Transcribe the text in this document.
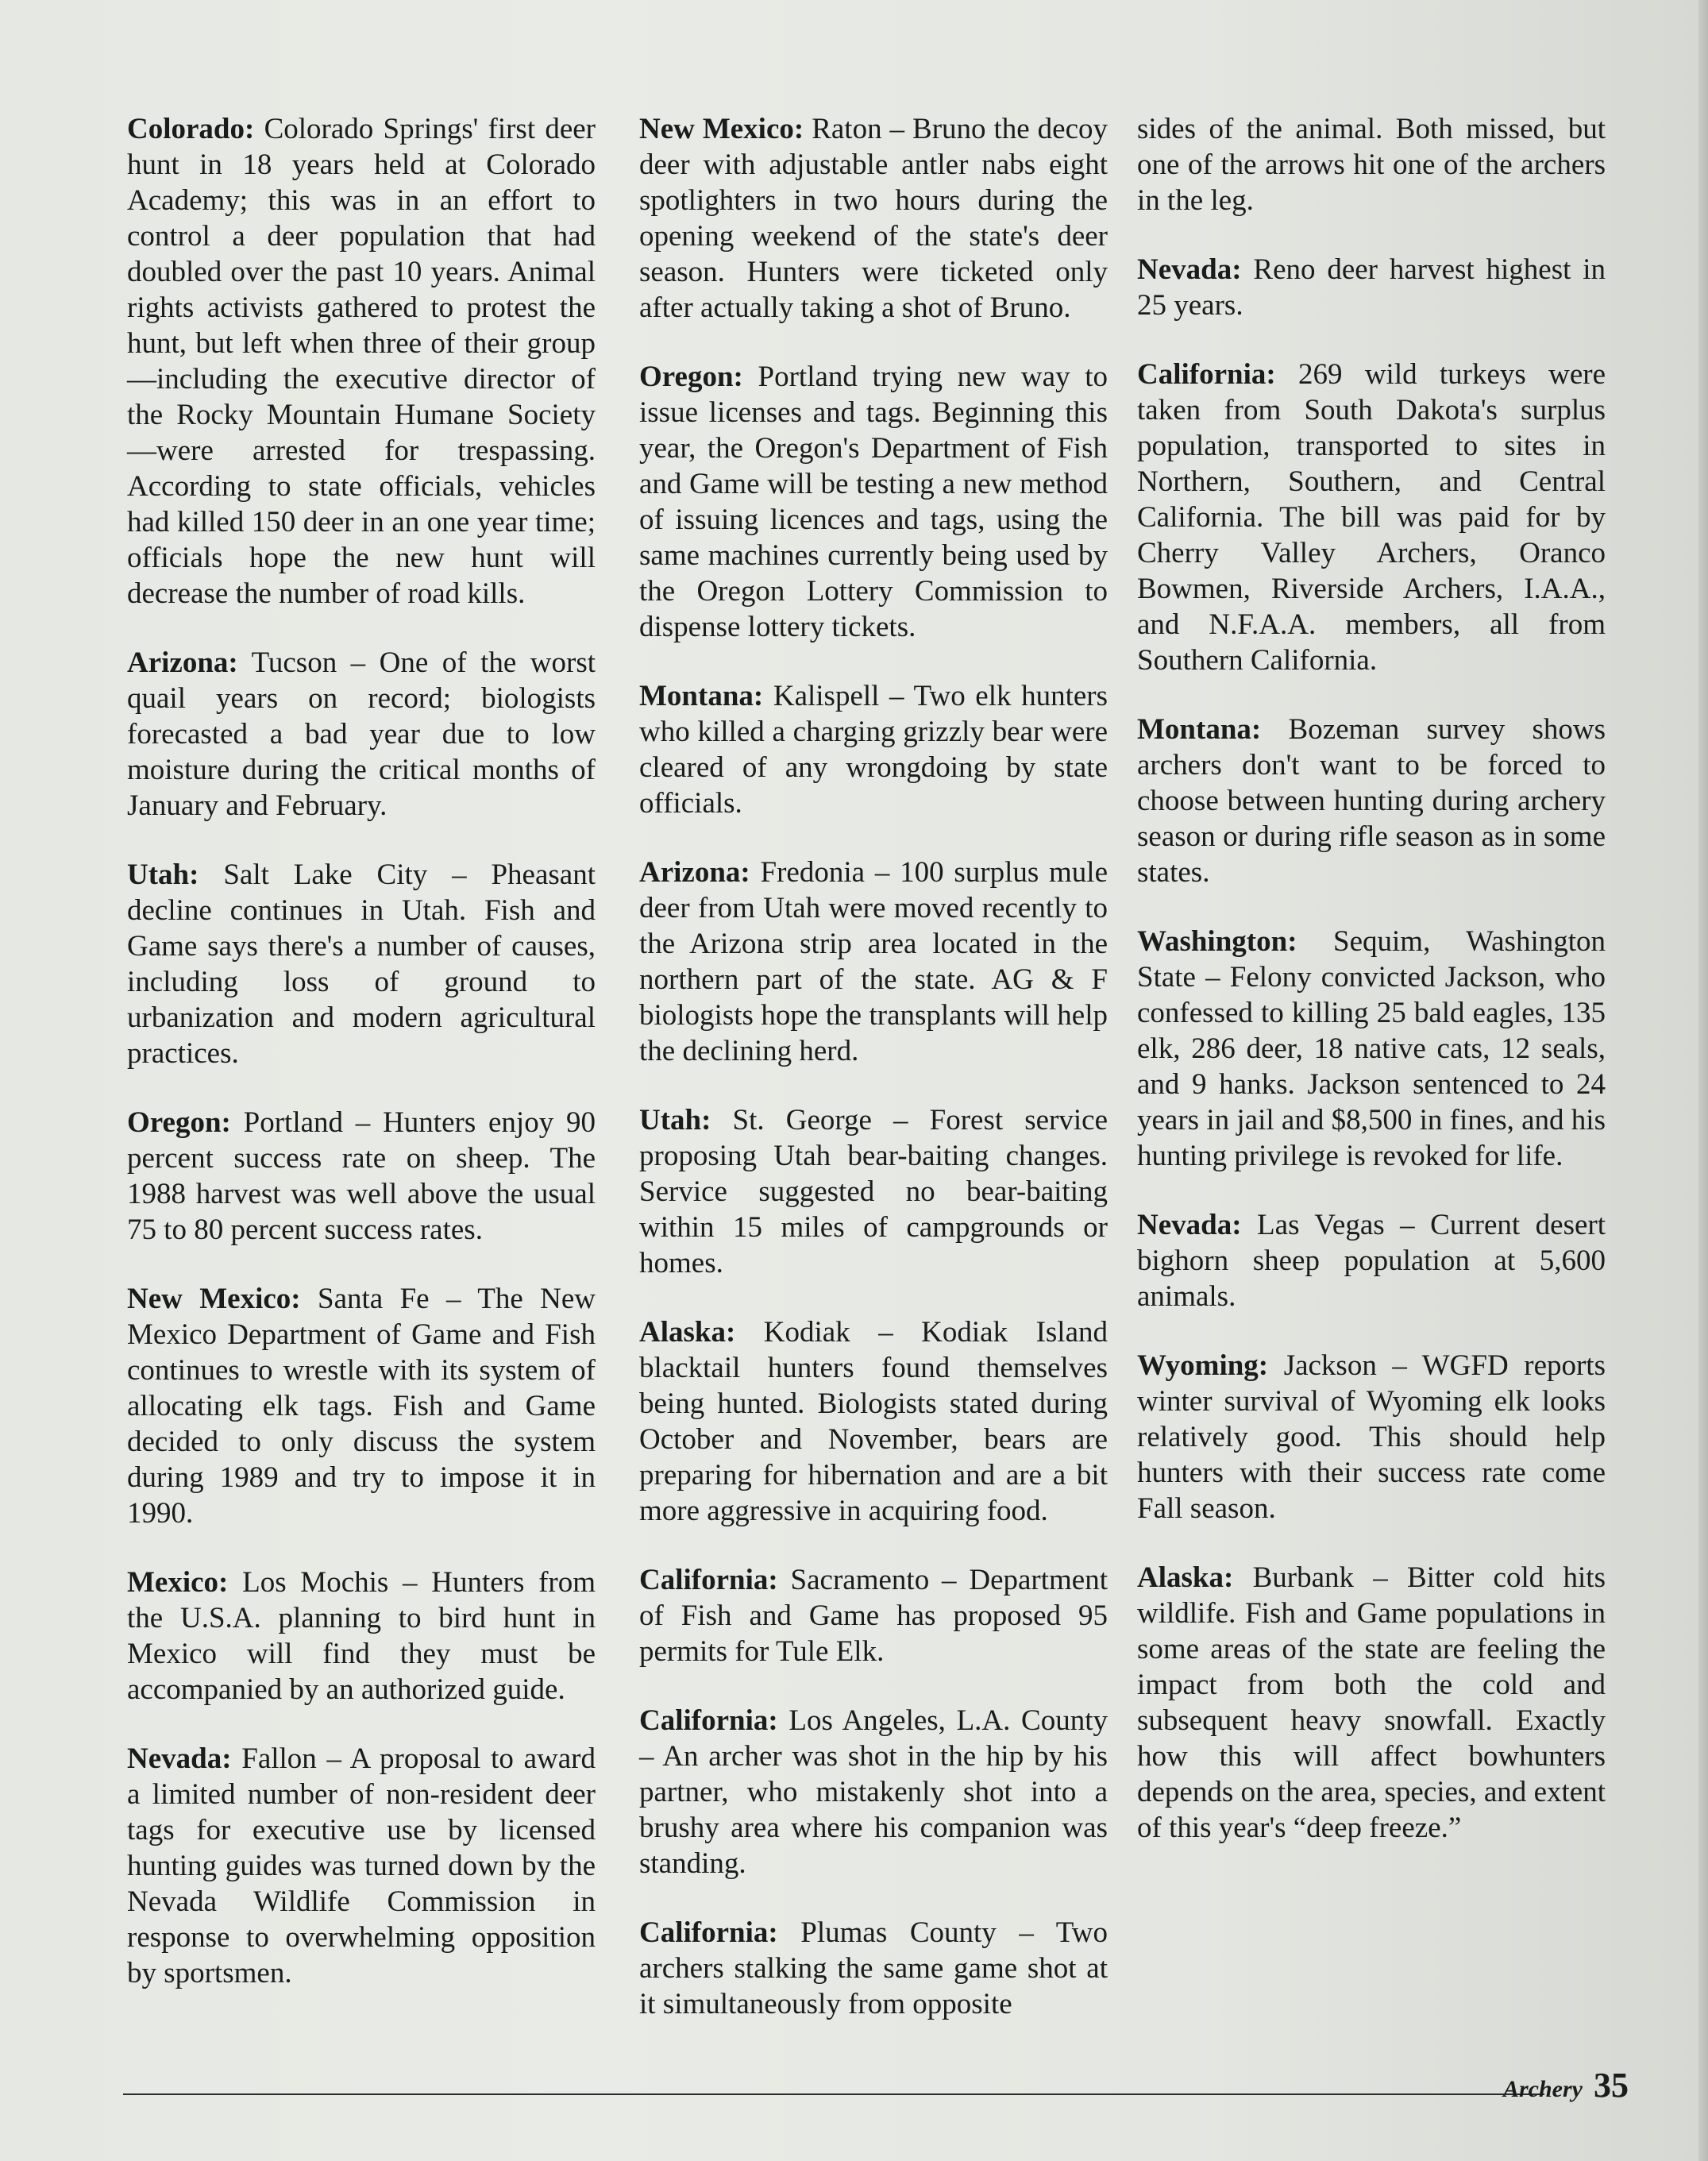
Colorado: Colorado Springs' first deer hunt in 18 years held at Colorado Academy; this was in an effort to control a deer population that had doubled over the past 10 years. Animal rights activists gathered to protest the hunt, but left when three of their group—including the executive director of the Rocky Mountain Humane Society—were arrested for trespassing. According to state officials, vehicles had killed 150 deer in an one year time; officials hope the new hunt will decrease the number of road kills.

Arizona: Tucson – One of the worst quail years on record; biologists forecasted a bad year due to low moisture during the critical months of January and February.

Utah: Salt Lake City – Pheasant decline continues in Utah. Fish and Game says there's a number of causes, including loss of ground to urbanization and modern agricultural practices.

Oregon: Portland – Hunters enjoy 90 percent success rate on sheep. The 1988 harvest was well above the usual 75 to 80 percent success rates.

New Mexico: Santa Fe – The New Mexico Department of Game and Fish continues to wrestle with its system of allocating elk tags. Fish and Game decided to only discuss the system during 1989 and try to impose it in 1990.

Mexico: Los Mochis – Hunters from the U.S.A. planning to bird hunt in Mexico will find they must be accompanied by an authorized guide.

Nevada: Fallon – A proposal to award a limited number of non-resident deer tags for executive use by licensed hunting guides was turned down by the Nevada Wildlife Commission in response to overwhelming opposition by sportsmen.

New Mexico: Raton – Bruno the decoy deer with adjustable antler nabs eight spotlighters in two hours during the opening weekend of the state's deer season. Hunters were ticketed only after actually taking a shot of Bruno.

Oregon: Portland trying new way to issue licenses and tags. Beginning this year, the Oregon's Department of Fish and Game will be testing a new method of issuing licences and tags, using the same machines currently being used by the Oregon Lottery Commission to dispense lottery tickets.

Montana: Kalispell – Two elk hunters who killed a charging grizzly bear were cleared of any wrongdoing by state officials.

Arizona: Fredonia – 100 surplus mule deer from Utah were moved recently to the Arizona strip area located in the northern part of the state. AG & F biologists hope the transplants will help the declining herd.

Utah: St. George – Forest service proposing Utah bear-baiting changes. Service suggested no bear-baiting within 15 miles of campgrounds or homes.

Alaska: Kodiak – Kodiak Island blacktail hunters found themselves being hunted. Biologists stated during October and November, bears are preparing for hibernation and are a bit more aggressive in acquiring food.

California: Sacramento – Department of Fish and Game has proposed 95 permits for Tule Elk.

California: Los Angeles, L.A. County – An archer was shot in the hip by his partner, who mistakenly shot into a brushy area where his companion was standing.

California: Plumas County – Two archers stalking the same game shot at it simultaneously from opposite

sides of the animal. Both missed, but one of the arrows hit one of the archers in the leg.

Nevada: Reno deer harvest highest in 25 years.

California: 269 wild turkeys were taken from South Dakota's surplus population, transported to sites in Northern, Southern, and Central California. The bill was paid for by Cherry Valley Archers, Oranco Bowmen, Riverside Archers, I.A.A., and N.F.A.A. members, all from Southern California.

Montana: Bozeman survey shows archers don't want to be forced to choose between hunting during archery season or during rifle season as in some states.

Washington: Sequim, Washington State – Felony convicted Jackson, who confessed to killing 25 bald eagles, 135 elk, 286 deer, 18 native cats, 12 seals, and 9 hanks. Jackson sentenced to 24 years in jail and $8,500 in fines, and his hunting privilege is revoked for life.

Nevada: Las Vegas – Current desert bighorn sheep population at 5,600 animals.

Wyoming: Jackson – WGFD reports winter survival of Wyoming elk looks relatively good. This should help hunters with their success rate come Fall season.

Alaska: Burbank – Bitter cold hits wildlife. Fish and Game populations in some areas of the state are feeling the impact from both the cold and subsequent heavy snowfall. Exactly how this will affect bowhunters depends on the area, species, and extent of this year's “deep freeze.”

Archery 35
